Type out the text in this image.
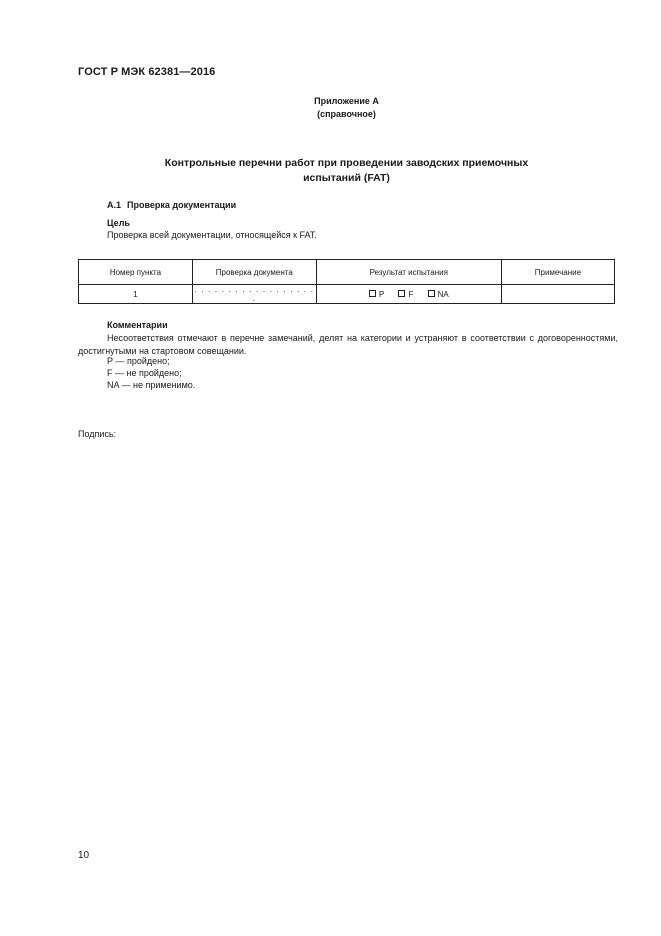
ГОСТ Р МЭК 62381—2016
Приложение А
(справочное)
Контрольные перечни работ при проведении заводских приемочных
испытаний (FAT)
А.1 Проверка документации
Цель
Проверка всей документации, относящейся к FAT.
Номер пункта	Проверка документа	Результат испытания	Примечание
1	. . . . . . . . . . . . . . . . . . .	Р F NA	
Комментарии
Несоответствия отмечают в перечне замечаний, делят на категории и устраняют в соответствии с договоренностями, достигнутыми на стартовом совещании.
Р — пройдено;
F — не пройдено;
NA — не применимо.
Подпись:
10
